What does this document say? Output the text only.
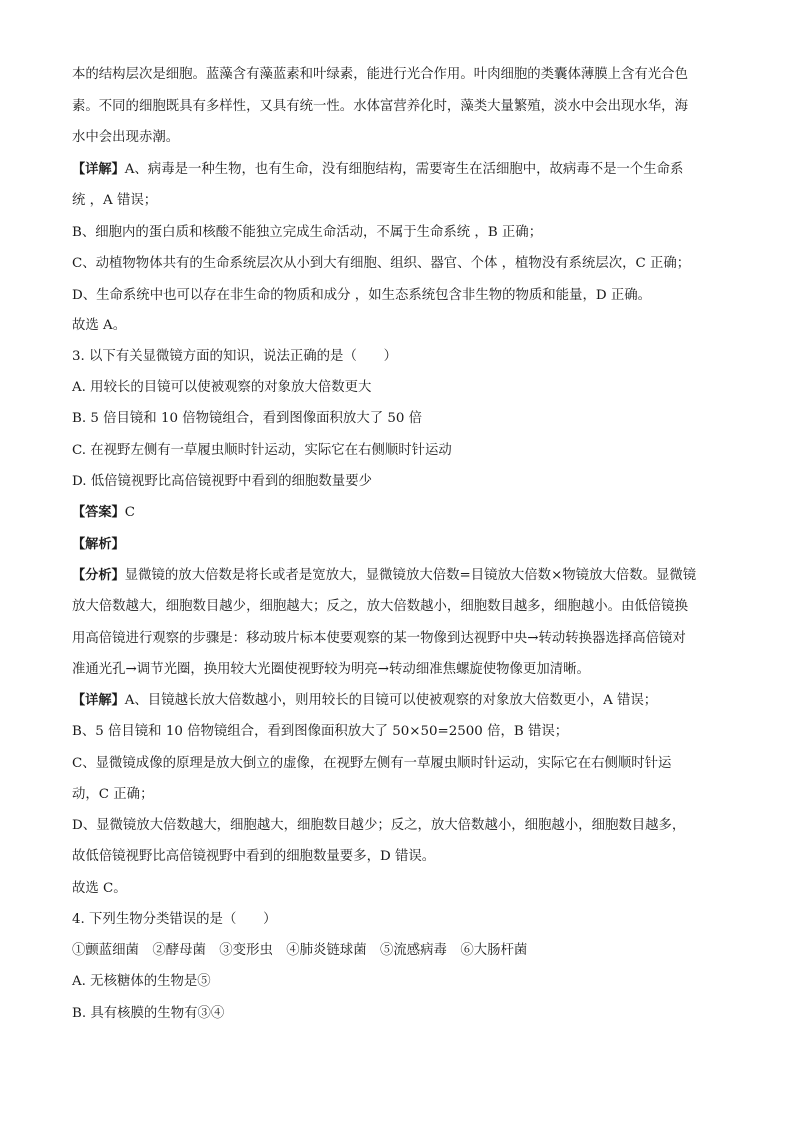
本的结构层次是细胞。蓝藻含有藻蓝素和叶绿素，能进行光合作用。叶肉细胞的类囊体薄膜上含有光合色
素。不同的细胞既具有多样性，又具有统一性。水体富营养化时，藻类大量繁殖，淡水中会出现水华，海
水中会出现赤潮。
【详解】A、病毒是一种生物，也有生命，没有细胞结构，需要寄生在活细胞中，故病毒不是一个生命系
统 ，A 错误；
B、细胞内的蛋白质和核酸不能独立完成生命活动，不属于生命系统 ，B 正确；
C、动植物物体共有的生命系统层次从小到大有细胞、组织、器官、个体 ，植物没有系统层次，C 正确；
D、生命系统中也可以存在非生命的物质和成分 ，如生态系统包含非生物的物质和能量，D 正确。
故选 A。
3. 以下有关显微镜方面的知识，说法正确的是（　　）
A. 用较长的目镜可以使被观察的对象放大倍数更大
B. 5 倍目镜和 10 倍物镜组合，看到图像面积放大了 50 倍
C. 在视野左侧有一草履虫顺时针运动，实际它在右侧顺时针运动
D. 低倍镜视野比高倍镜视野中看到的细胞数量要少
【答案】C
【解析】
【分析】显微镜的放大倍数是将长或者是宽放大，显微镜放大倍数=目镜放大倍数×物镜放大倍数。显微镜
放大倍数越大，细胞数目越少，细胞越大；反之，放大倍数越小，细胞数目越多，细胞越小。由低倍镜换
用高倍镜进行观察的步骤是：移动玻片标本使要观察的某一物像到达视野中央→转动转换器选择高倍镜对
准通光孔→调节光圈，换用较大光圈使视野较为明亮→转动细准焦螺旋使物像更加清晰。
【详解】A、目镜越长放大倍数越小，则用较长的目镜可以使被观察的对象放大倍数更小，A 错误；
B、5 倍目镜和 10 倍物镜组合，看到图像面积放大了 50×50=2500 倍，B 错误；
C、显微镜成像的原理是放大倒立的虚像，在视野左侧有一草履虫顺时针运动，实际它在右侧顺时针运
动，C 正确；
D、显微镜放大倍数越大，细胞越大，细胞数目越少；反之，放大倍数越小，细胞越小，细胞数目越多，
故低倍镜视野比高倍镜视野中看到的细胞数量要多，D 错误。
故选 C。
4. 下列生物分类错误的是（　　）
①颤蓝细菌　②酵母菌　③变形虫　④肺炎链球菌　⑤流感病毒　⑥大肠杆菌
A. 无核糖体的生物是⑤
B. 具有核膜的生物有③④
